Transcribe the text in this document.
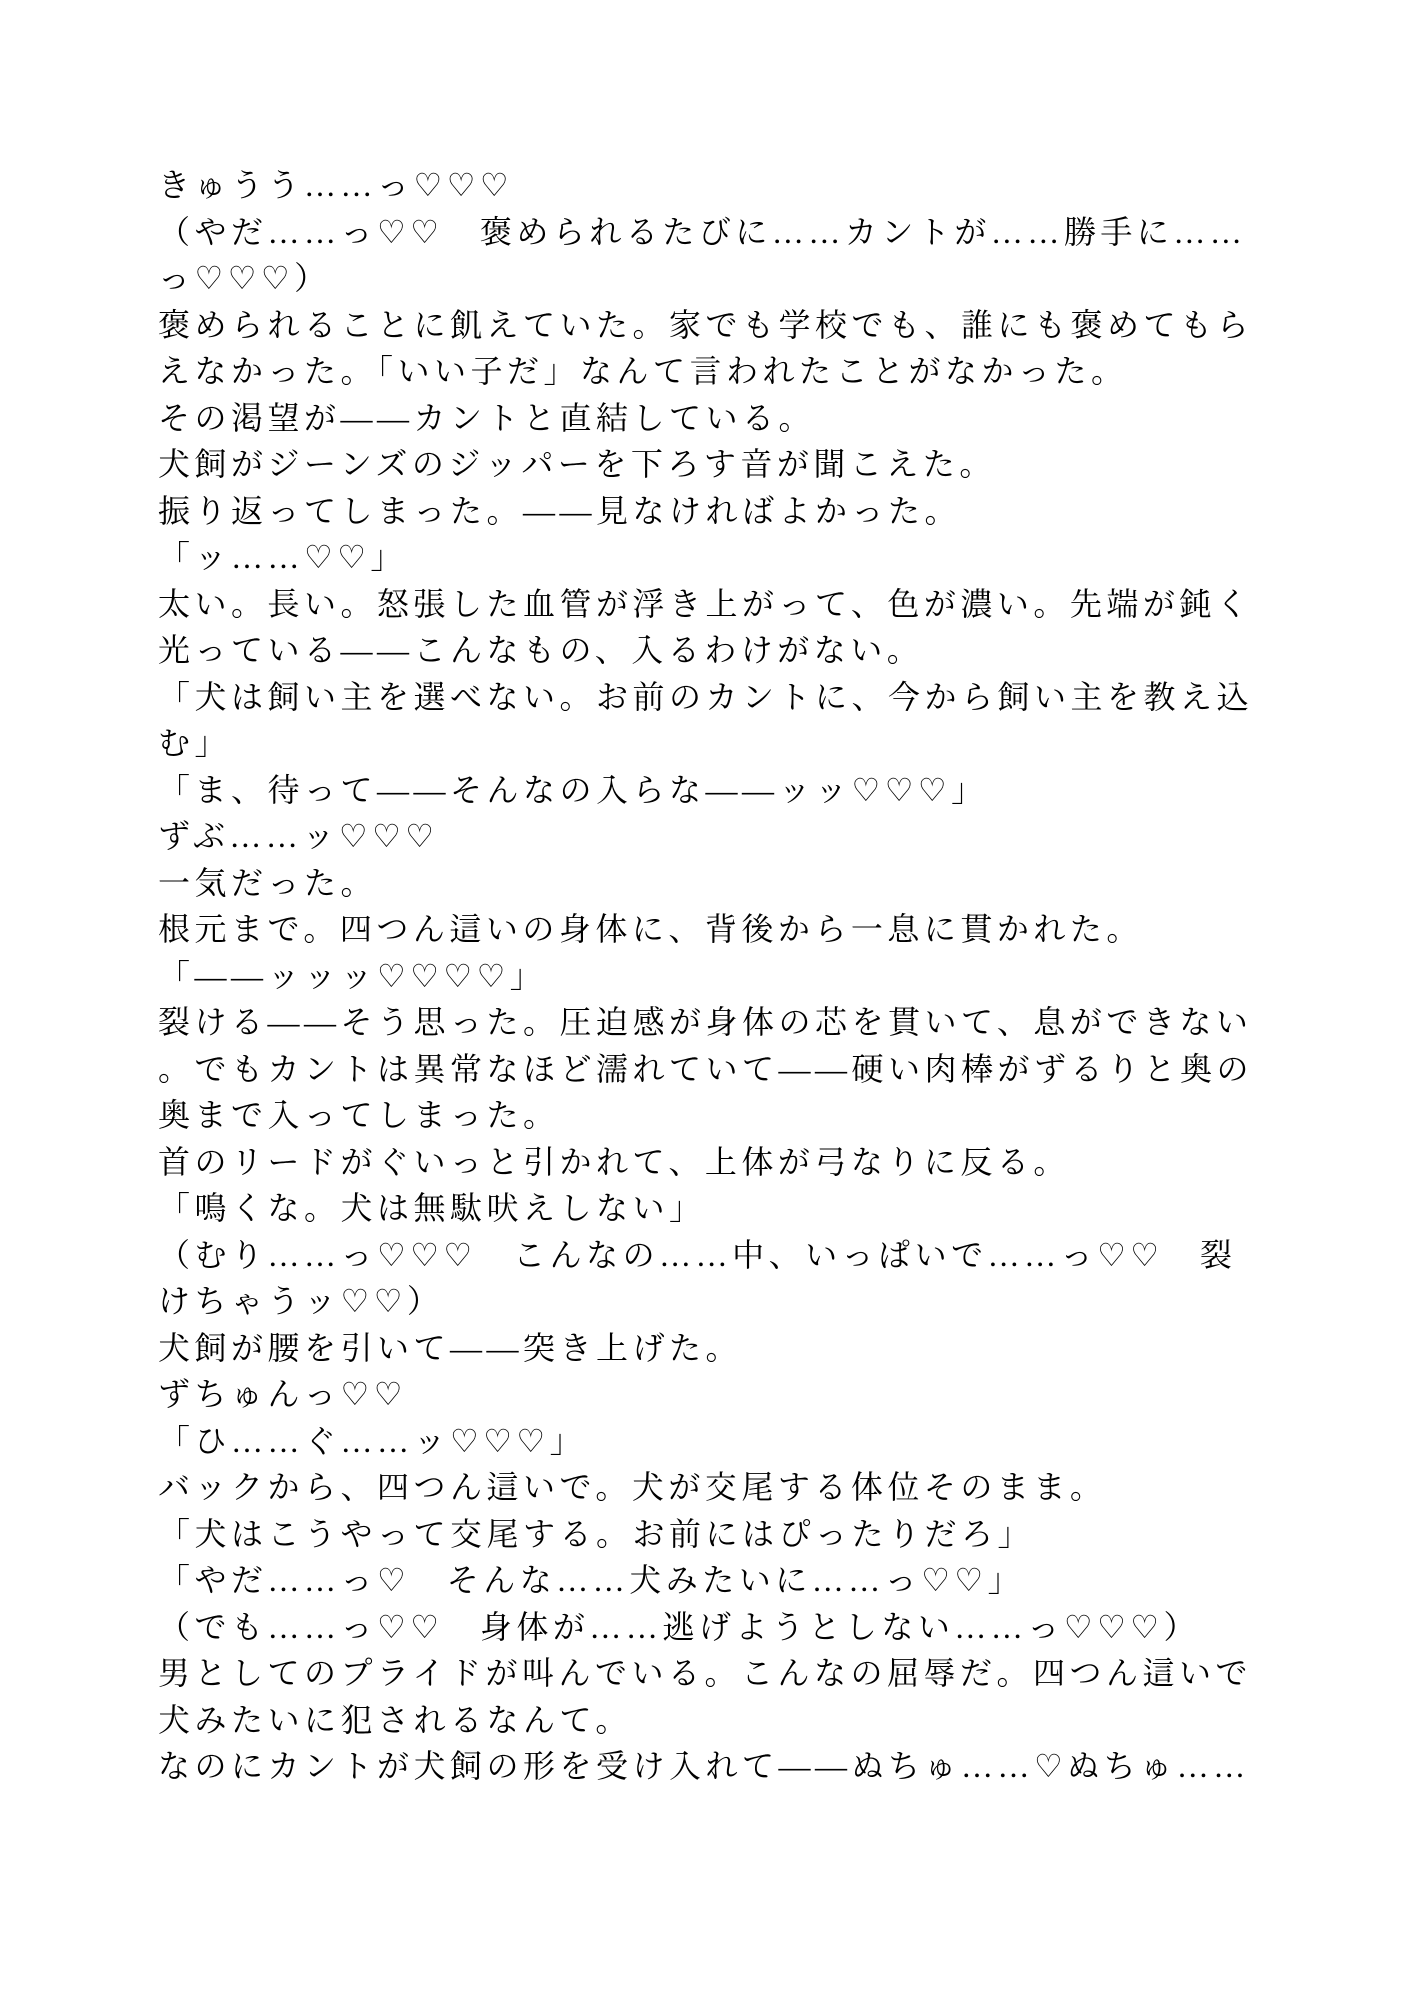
きゅうう……っ♡♡♡
（やだ……っ♡♡　褒められるたびに……カントが……勝手に……
っ♡♡♡）
褒められることに飢えていた。家でも学校でも、誰にも褒めてもら
えなかった。「いい子だ」なんて言われたことがなかった。
その渇望が——カントと直結している。
犬飼がジーンズのジッパーを下ろす音が聞こえた。
振り返ってしまった。——見なければよかった。
「ッ……♡♡」
太い。長い。怒張した血管が浮き上がって、色が濃い。先端が鈍く
光っている——こんなもの、入るわけがない。
「犬は飼い主を選べない。お前のカントに、今から飼い主を教え込
む」
「ま、待って——そんなの入らな——ッッ♡♡♡」
ずぶ……ッ♡♡♡
一気だった。
根元まで。四つん這いの身体に、背後から一息に貫かれた。
「——ッッッ♡♡♡♡」
裂ける——そう思った。圧迫感が身体の芯を貫いて、息ができない
。でもカントは異常なほど濡れていて——硬い肉棒がずるりと奥の
奥まで入ってしまった。
首のリードがぐいっと引かれて、上体が弓なりに反る。
「鳴くな。犬は無駄吠えしない」
（むり……っ♡♡♡　こんなの……中、いっぱいで……っ♡♡　裂
けちゃうッ♡♡）
犬飼が腰を引いて——突き上げた。
ずちゅんっ♡♡
「ひ……ぐ……ッ♡♡♡」
バックから、四つん這いで。犬が交尾する体位そのまま。
「犬はこうやって交尾する。お前にはぴったりだろ」
「やだ……っ♡　そんな……犬みたいに……っ♡♡」
（でも……っ♡♡　身体が……逃げようとしない……っ♡♡♡）
男としてのプライドが叫んでいる。こんなの屈辱だ。四つん這いで
犬みたいに犯されるなんて。
なのにカントが犬飼の形を受け入れて——ぬちゅ……♡ぬちゅ……
